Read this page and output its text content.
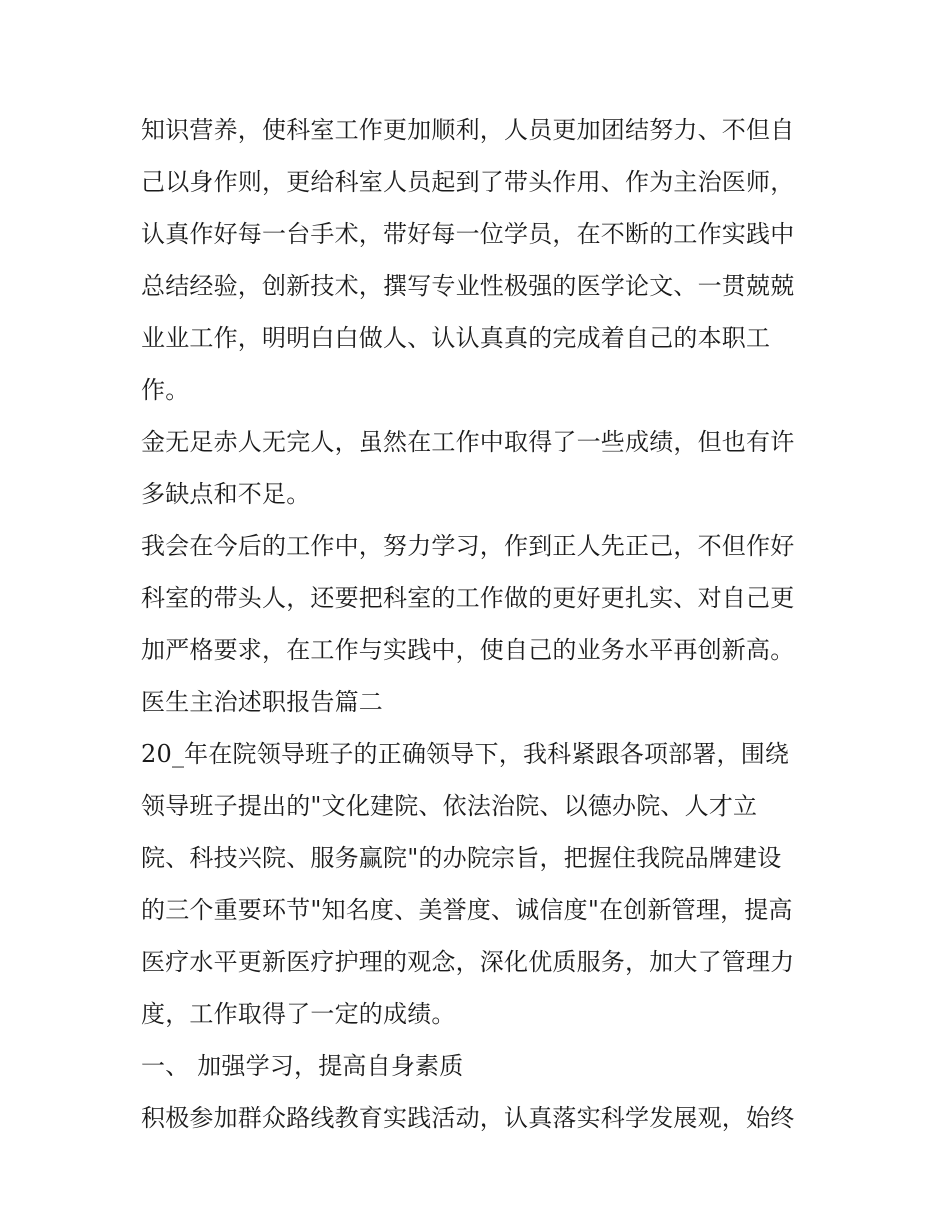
知识营养，使科室工作更加顺利，人员更加团结努力、不但自
己以身作则，更给科室人员起到了带头作用、作为主治医师，
认真作好每一台手术，带好每一位学员，在不断的工作实践中
总结经验，创新技术，撰写专业性极强的医学论文、一贯兢兢
业业工作，明明白白做人、认认真真的完成着自己的本职工
作。
金无足赤人无完人，虽然在工作中取得了一些成绩，但也有许
多缺点和不足。
我会在今后的工作中，努力学习，作到正人先正己，不但作好
科室的带头人，还要把科室的工作做的更好更扎实、对自己更
加严格要求，在工作与实践中，使自己的业务水平再创新高。
医生主治述职报告篇二
20_年在院领导班子的正确领导下，我科紧跟各项部署，围绕
领导班子提出的"文化建院、依法治院、以德办院、人才立
院、科技兴院、服务赢院"的办院宗旨，把握住我院品牌建设
的三个重要环节"知名度、美誉度、诚信度"在创新管理，提高
医疗水平更新医疗护理的观念，深化优质服务，加大了管理力
度，工作取得了一定的成绩。
一、 加强学习，提高自身素质
积极参加群众路线教育实践活动，认真落实科学发展观，始终
